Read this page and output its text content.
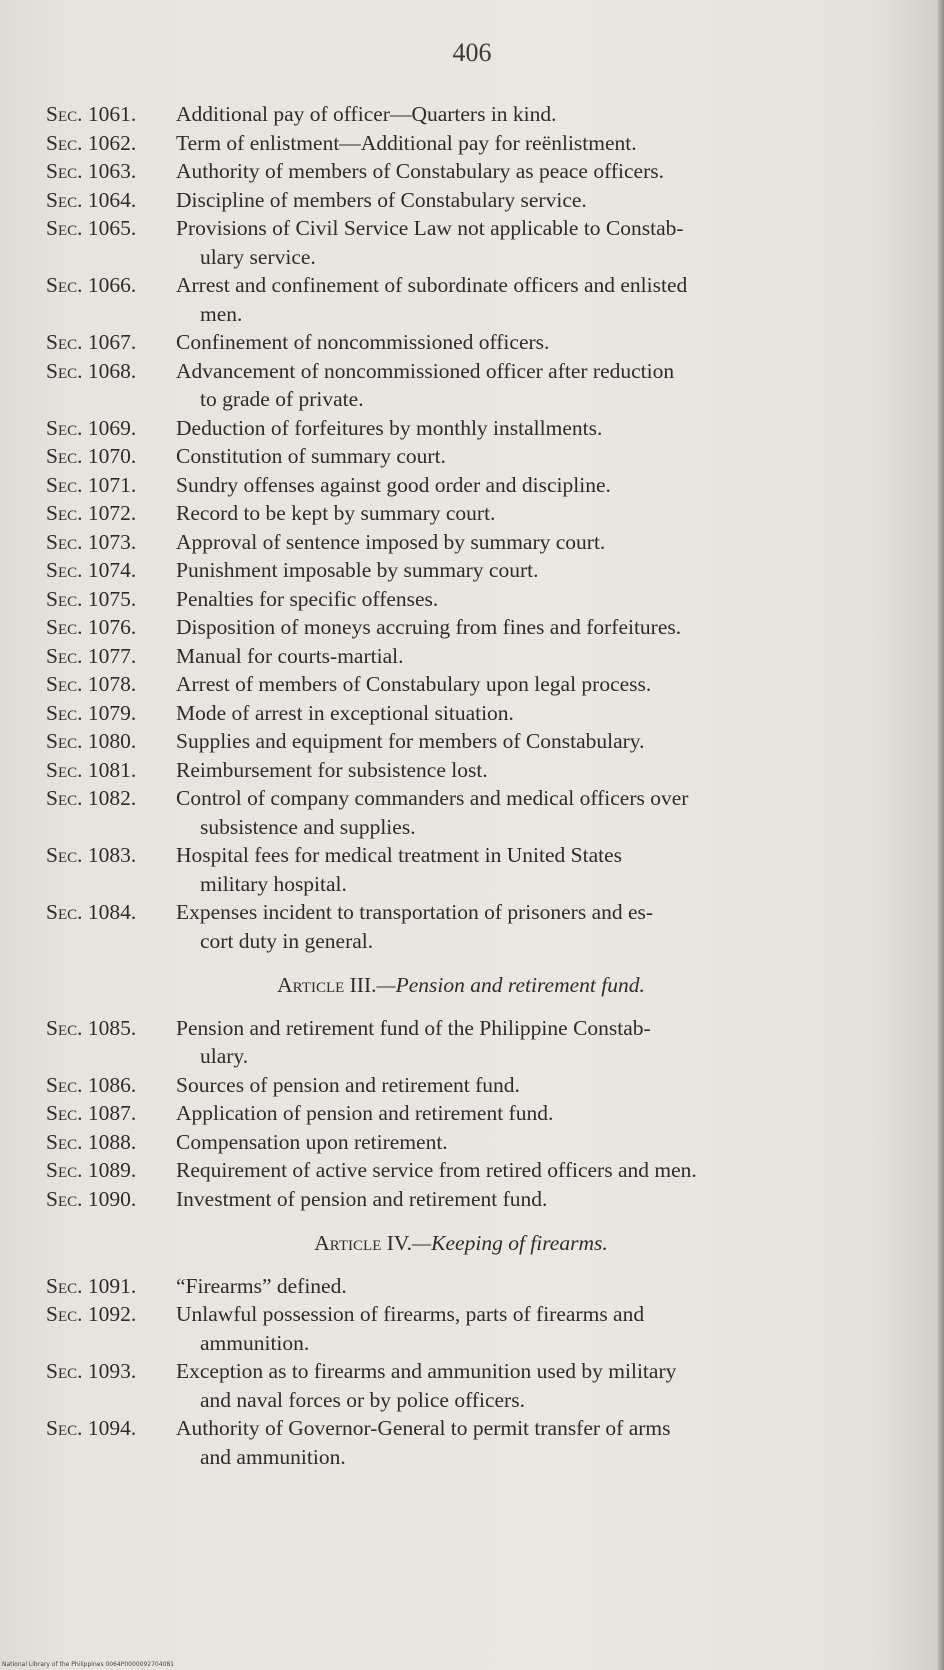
406
Sec. 1061. Additional pay of officer—Quarters in kind.
Sec. 1062. Term of enlistment—Additional pay for reënlistment.
Sec. 1063. Authority of members of Constabulary as peace officers.
Sec. 1064. Discipline of members of Constabulary service.
Sec. 1065. Provisions of Civil Service Law not applicable to Constab-
ulary service.
Sec. 1066. Arrest and confinement of subordinate officers and enlisted
men.
Sec. 1067. Confinement of noncommissioned officers.
Sec. 1068. Advancement of noncommissioned officer after reduction
to grade of private.
Sec. 1069. Deduction of forfeitures by monthly installments.
Sec. 1070. Constitution of summary court.
Sec. 1071. Sundry offenses against good order and discipline.
Sec. 1072. Record to be kept by summary court.
Sec. 1073. Approval of sentence imposed by summary court.
Sec. 1074. Punishment imposable by summary court.
Sec. 1075. Penalties for specific offenses.
Sec. 1076. Disposition of moneys accruing from fines and forfeitures.
Sec. 1077. Manual for courts-martial.
Sec. 1078. Arrest of members of Constabulary upon legal process.
Sec. 1079. Mode of arrest in exceptional situation.
Sec. 1080. Supplies and equipment for members of Constabulary.
Sec. 1081. Reimbursement for subsistence lost.
Sec. 1082. Control of company commanders and medical officers over
subsistence and supplies.
Sec. 1083. Hospital fees for medical treatment in United States
military hospital.
Sec. 1084. Expenses incident to transportation of prisoners and es-
cort duty in general.
Article III.—Pension and retirement fund.
Sec. 1085. Pension and retirement fund of the Philippine Constab-
ulary.
Sec. 1086. Sources of pension and retirement fund.
Sec. 1087. Application of pension and retirement fund.
Sec. 1088. Compensation upon retirement.
Sec. 1089. Requirement of active service from retired officers and men.
Sec. 1090. Investment of pension and retirement fund.
Article IV.—Keeping of firearms.
Sec. 1091. “Firearms” defined.
Sec. 1092. Unlawful possession of firearms, parts of firearms and
ammunition.
Sec. 1093. Exception as to firearms and ammunition used by military
and naval forces or by police officers.
Sec. 1094. Authority of Governor-General to permit transfer of arms
and ammunition.
National Library of the Philippines 0064P0000092704081
